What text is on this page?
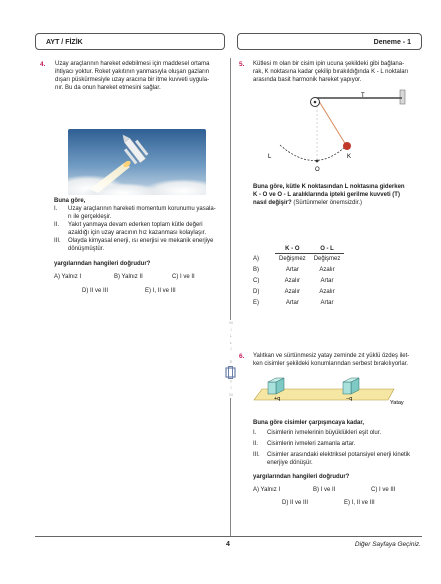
AYT / FİZİK	Deneme - 1
M
İ
L
L
İ

E
Ğ
İ
T
İ
M
4. Uzay araçlarının hareket edebilmesi için maddesel ortama
ihtiyacı yoktur. Roket yakıtının yanmasıyla oluşan gazların
dışarı püskürmesiyle uzay aracına bir itme kuvveti uygula-
nır. Bu da onun hareket etmesini sağlar.
Buna göre,
I.	Uzay araçlarının hareketi momentum korunumu yasala-
rı ile gerçekleşir.
II.	Yakıt yanmaya devam ederken toplam kütle değeri
azaldığı için uzay aracının hız kazanması kolaylaşır.
III.	Olayda kimyasal enerji, ısı enerjisi ve mekanik enerjiye
dönüşmüştür.
yargılarından hangileri doğrudur?
A) Yalnız I	B) Yalnız II	C) I ve II
D) II ve III	E) I, II ve III
5. Kütlesi m olan bir cisim ipin ucuna şekildeki gibi bağlana-
rak, K noktasına kadar çekilip bırakıldığında K - L noktaları
arasında basit harmonik hareket yapıyor.
T
L
O
K
Buna göre, kütle K noktasından L noktasına giderken
K - O ve O - L aralıklarında ipteki gerilme kuvveti (T)
nasıl değişir? (Sürtünmeler önemsizdir.)
	K - O	O - L
A)	Değişmez	Değişmez
B)	Artar	Azalır
C)	Azalır	Artar
D)	Azalır	Azalır
E)	Artar	Artar
6. Yalıtkan ve sürtünmesiz yatay zeminde zıt yüklü özdeş ilet-
ken cisimler şekildeki konumlarından serbest bırakılıyorlar.
+q	−q
Yatay
Buna göre cisimler çarpışıncaya kadar,
I.	Cisimlerin ivmelerinin büyüklükleri eşit olur.
II.	Cisimlerin ivmeleri zamanla artar.
III.	Cisimler arasındaki elektriksel potansiyel enerji kinetik
enerjiye dönüşür.
yargılarından hangileri doğrudur?
A) Yalnız I	B) I ve II	C) I ve III
D) II ve III	E) I, II ve III
4	Diğer Sayfaya Geçiniz.
